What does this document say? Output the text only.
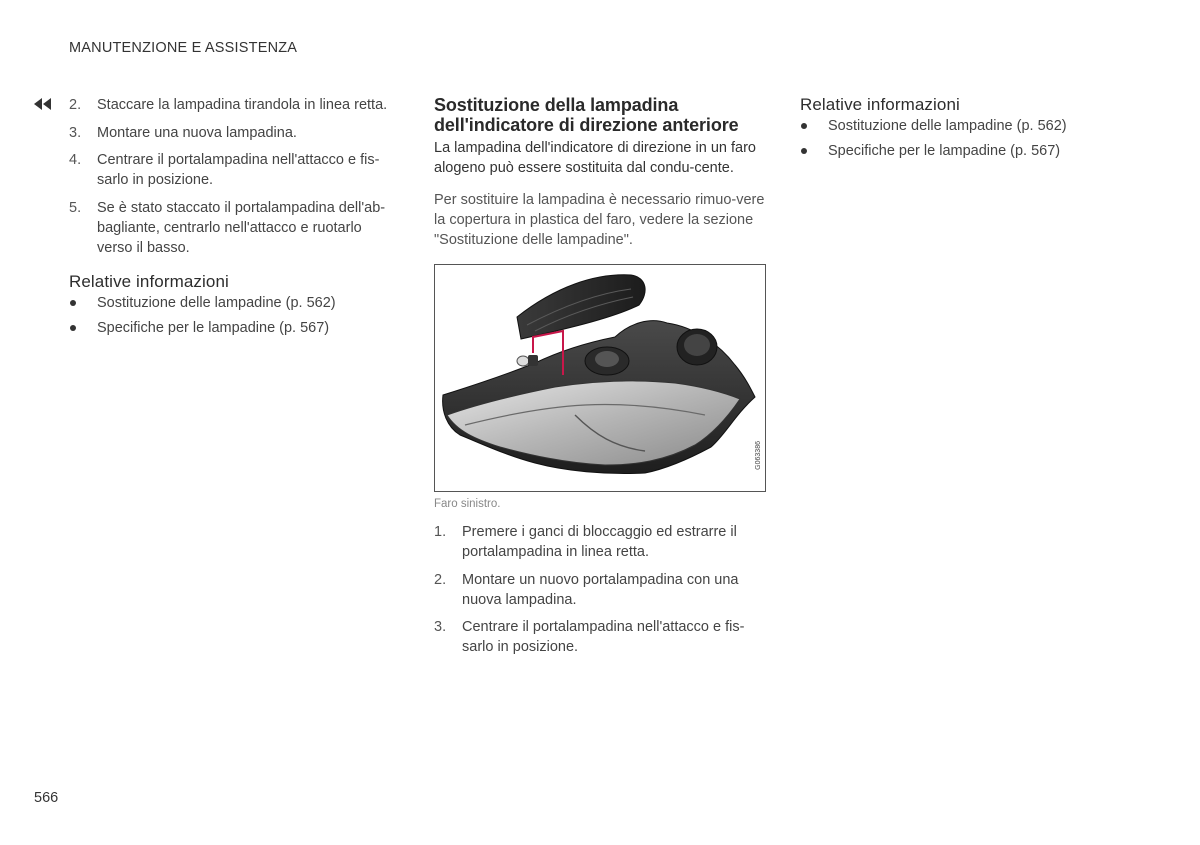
MANUTENZIONE E ASSISTENZA
2. Staccare la lampadina tirandola in linea retta.
3. Montare una nuova lampadina.
4. Centrare il portalampadina nell'attacco e fis-sarlo in posizione.
5. Se è stato staccato il portalampadina dell'ab-bagliante, centrarlo nell'attacco e ruotarlo verso il basso.
Relative informazioni
Sostituzione delle lampadine (p. 562)
Specifiche per le lampadine (p. 567)
Sostituzione della lampadina
dell'indicatore di direzione anteriore

La lampadina dell'indicatore di direzione in un faro alogeno può essere sostituita dal condu-cente.

Per sostituire la lampadina è necessario rimuo-vere la copertura in plastica del faro, vedere la sezione "Sostituzione delle lampadine".

G063386

Faro sinistro.

1. Premere i ganci di bloccaggio ed estrarre il portalampadina in linea retta.
2. Montare un nuovo portalampadina con una nuova lampadina.
3. Centrare il portalampadina nell'attacco e fis-sarlo in posizione.
Relative informazioni
Sostituzione delle lampadine (p. 562)
Specifiche per le lampadine (p. 567)
566
